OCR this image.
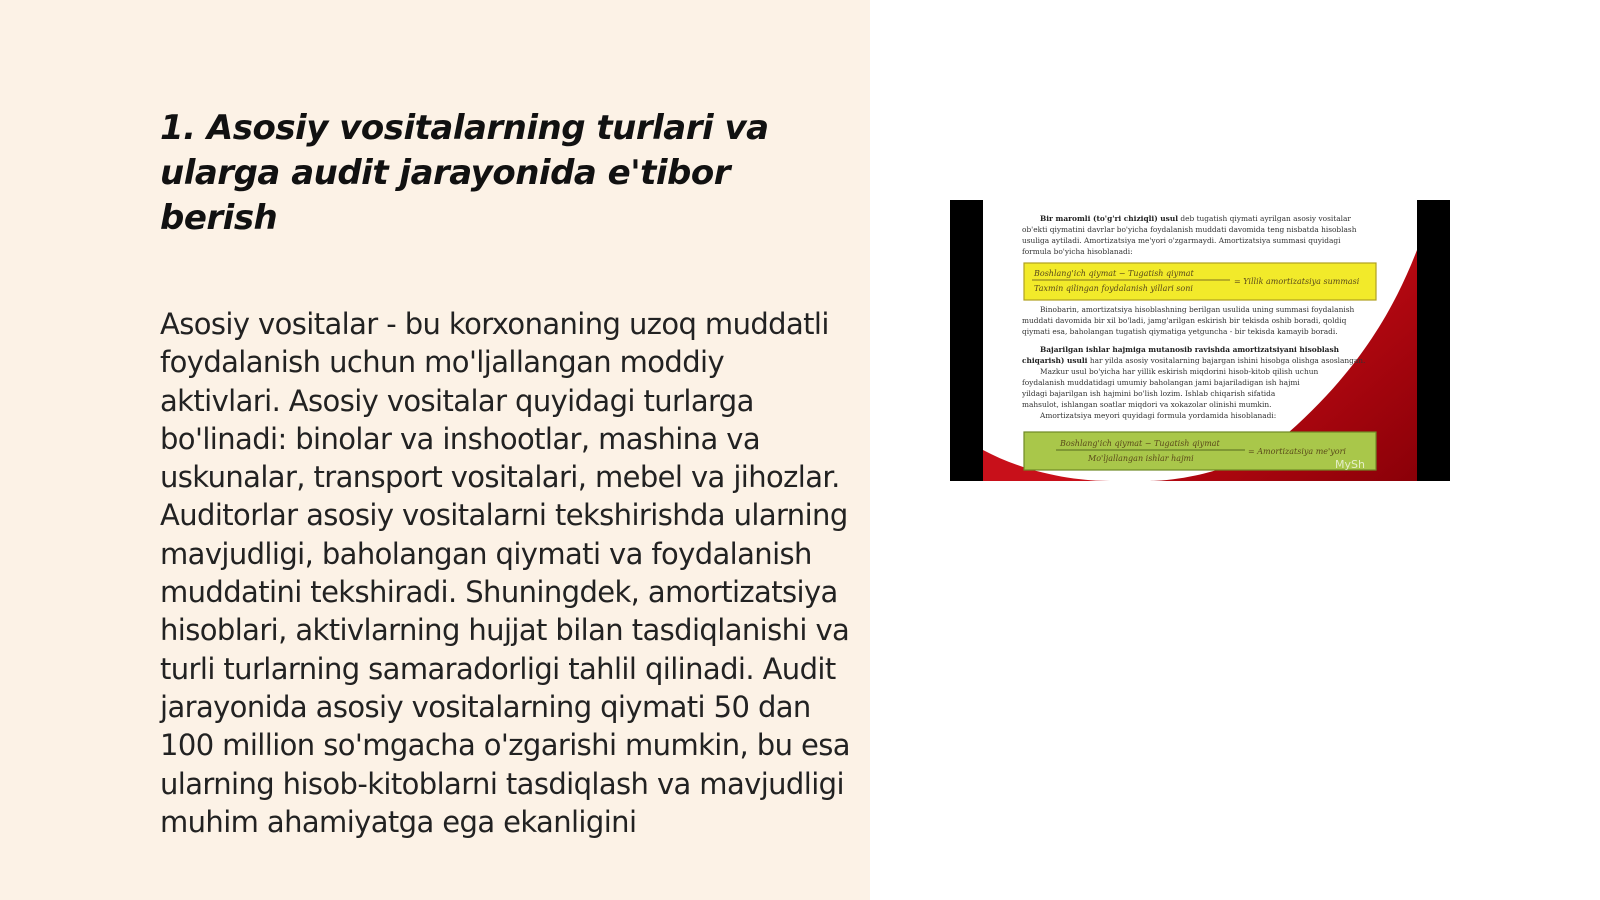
1. Asosiy vositalarning turlari va ularga audit jarayonida e'tibor berish

Asosiy vositalar - bu korxonaning uzoq muddatli foydalanish uchun mo'ljallangan moddiy aktivlari. Asosiy vositalar quyidagi turlarga bo'linadi: binolar va inshootlar, mashina va uskunalar, transport vositalari, mebel va jihozlar. Auditorlar asosiy vositalarni tekshirishda ularning mavjudligi, baholangan qiymati va foydalanish muddatini tekshiradi. Shuningdek, amortizatsiya hisoblari, aktivlarning hujjat bilan tasdiqlanishi va turli turlarning samaradorligi tahlil qilinadi. Audit jarayonida asosiy vositalarning qiymati 50 dan 100 million so'mgacha o'zgarishi mumkin, bu esa ularning hisob-kitoblarni tasdiqlash va mavjudligi muhim ahamiyatga ega ekanligini

Bir maromli (to'g'ri chiziqli) usul deb tugatish qiymati ayrilgan asosiy vositalar
ob'ekti qiymatini davrlar bo'yicha foydalanish muddati davomida teng nisbatda hisoblash
usuliga aytiladi. Amortizatsiya me'yori o'zgarmaydi. Amortizatsiya summasi quyidagi
formula bo'yicha hisoblanadi:
Boshlang'ich qiymat − Tugatish qiymat
Taxmin qilingan foydalanish yillari soni
= Yillik amortizatsiya summasi
Binobarin, amortizatsiya hisoblashning berilgan usulida uning summasi foydalanish
muddati davomida bir xil bo'ladi, jamg'arilgan eskirish bir tekisda oshib boradi, qoldiq
qiymati esa, baholangan tugatish qiymatiga yetguncha - bir tekisda kamayib boradi.
Bajarilgan ishlar hajmiga mutanosib ravishda amortizatsiyani hisoblash
chiqarish) usuli har yilda asosiy vositalarning bajargan ishini hisobga olishga asoslangan.
Mazkur usul bo'yicha har yillik eskirish miqdorini hisob-kitob qilish uchun
foydalanish muddatidagi umumiy baholangan jami bajariladigan ish hajmi
yildagi bajarilgan ish hajmini bo'lish lozim. Ishlab chiqarish sifatida
mahsulot, ishlangan soatlar miqdori va xokazolar olinishi mumkin.
Amortizatsiya meyori quyidagi formula yordamida hisoblanadi:
Boshlang'ich qiymat − Tugatish qiymat
Mo'ljallangan ishlar hajmi
= Amortizatsiya me'yori
MySh
